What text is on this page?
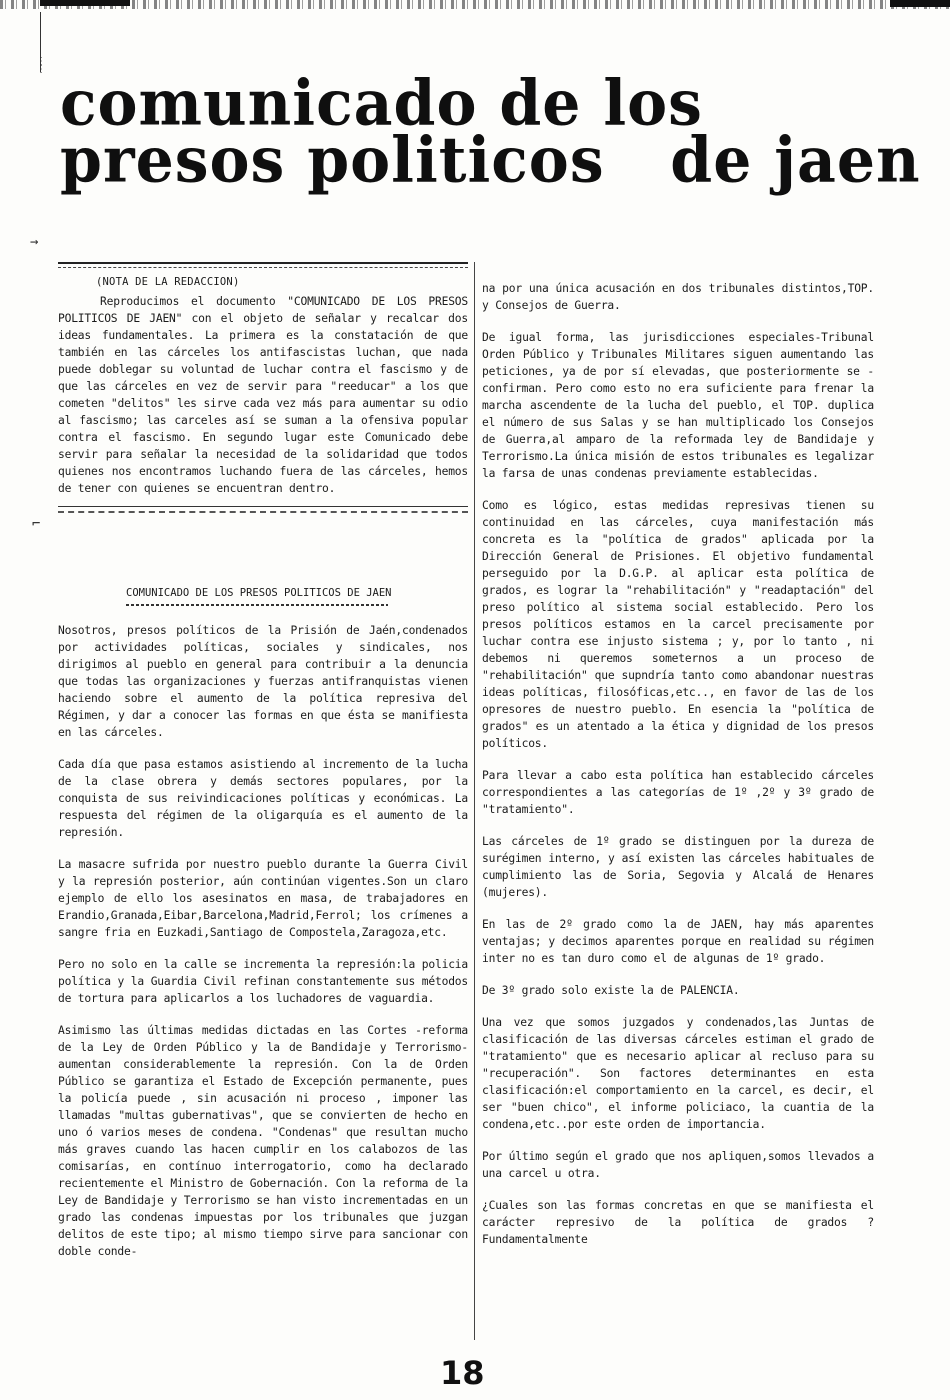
⋮
⋮ comunicado de los
presos politicos   de jaen
→
⌐
(NOTA DE LA REDACCION)

Reproducimos el documento "COMUNICADO DE LOS PRESOS POLITICOS DE JAEN" con el objeto de señalar y recalcar dos ideas fundamentales. La primera es la constatación de que también en las cárceles los antifascistas luchan, que nada puede doblegar su voluntad de luchar contra el fascismo y de que las cárceles en vez de servir para "reeducar" a los que cometen "delitos" les sirve cada vez más para aumentar su odio al fascismo; las carceles así se suman a la ofensiva popular contra el fascismo. En segundo lugar este Comunicado debe servir para señalar la necesidad de la solidaridad que todos quienes nos encontramos luchando fuera de las cárceles, hemos de tener con quienes se encuentran dentro.

COMUNICADO DE LOS PRESOS POLITICOS DE JAEN

Nosotros, presos políticos de la Prisión de Jaén,condenados por actividades políticas, sociales y sindicales, nos dirigimos al pueblo en general para contribuir a la denuncia que todas las organizaciones y fuerzas antifranquistas vienen haciendo sobre el aumento de la política represiva del Régimen, y dar a conocer las formas en que ésta se manifiesta en las cárceles.

Cada día que pasa estamos asistiendo al incremento de la lucha de la clase obrera y demás sectores populares, por la conquista de sus reivindicaciones políticas y económicas. La respuesta del régimen de la oligarquía es el aumento de la represión.

La masacre sufrida por nuestro pueblo durante la Guerra Civil y la represión posterior, aún continúan vigentes.Son un claro ejemplo de ello los asesinatos en masa, de trabajadores en Erandio,Granada,Eibar,Barcelona,Madrid,Ferrol; los crímenes a sangre fria en Euzkadi,Santiago de Compostela,Zaragoza,etc.

Pero no solo en la calle se incrementa la represión:la policia política y la Guardia Civil refinan constantemente sus métodos de tortura para aplicarlos a los luchadores de vaguardia.

Asimismo las últimas medidas dictadas en las Cortes -reforma de la Ley de Orden Público y la de Bandidaje y Terrorismo-aumentan considerablemente la represión. Con la de Orden Público se garantiza el Estado de Excepción permanente, pues la policía puede , sin acusación ni proceso , imponer las llamadas "multas gubernativas", que se convierten de hecho en uno ó varios meses de condena. "Condenas" que resultan mucho más graves cuando las hacen cumplir en los calabozos de las comisarías, en contínuo interrogatorio, como ha declarado recientemente el Ministro de Gobernación. Con la reforma de la Ley de Bandidaje y Terrorismo se han visto incrementadas en un grado las condenas impuestas por los tribunales que juzgan delitos de este tipo; al mismo tiempo sirve para sancionar con doble conde-

na por una única acusación en dos tribunales distintos,TOP. y Consejos de Guerra.

De igual forma, las jurisdicciones especiales-Tribunal Orden Público y Tribunales Militares siguen aumentando las peticiones, ya de por sí elevadas, que posteriormente se -confirman. Pero como esto no era suficiente para frenar la marcha ascendente de la lucha del pueblo, el TOP. duplica el número de sus Salas y se han multiplicado los Consejos de Guerra,al amparo de la reformada ley de Bandidaje y Terrorismo.La única misión de estos tribunales es legalizar la farsa de unas condenas previamente establecidas.

Como es lógico, estas medidas represivas tienen su continuidad en las cárceles, cuya manifestación más concreta es la "política de grados" aplicada por la Dirección General de Prisiones. El objetivo fundamental perseguido por la D.G.P. al aplicar esta política de grados, es lograr la "rehabilitación" y "readaptación" del preso político al sistema social establecido. Pero los presos políticos estamos en la carcel precisamente por luchar contra ese injusto sistema ; y, por lo tanto , ni debemos ni queremos someternos a un proceso de "rehabilitación" que supndría tanto como abandonar nuestras ideas políticas, filosóficas,etc.., en favor de las de los opresores de nuestro pueblo. En esencia la "política de grados" es un atentado a la ética y dignidad de los presos políticos.

Para llevar a cabo esta política han establecido cárceles correspondientes a las categorías de 1º ,2º y 3º grado de "tratamiento".

Las cárceles de 1º grado se distinguen por la dureza de surégimen interno, y así existen las cárceles habituales de cumplimiento las de Soria, Segovia y Alcalá de Henares (mujeres).

En las de 2º grado como la de JAEN, hay más aparentes ventajas; y decimos aparentes porque en realidad su régimen inter no es tan duro como el de algunas de 1º grado.

De 3º grado solo existe la de PALENCIA.

Una vez que somos juzgados y condenados,las Juntas de clasificación de las diversas cárceles estiman el grado de "tratamiento" que es necesario aplicar al recluso para su "recuperación". Son factores determinantes en esta clasificación:el comportamiento en la carcel, es decir, el ser "buen chico", el informe policiaco, la cuantia de la condena,etc..por este orden de importancia.

Por último según el grado que nos apliquen,somos llevados a una carcel u otra.

¿Cuales son las formas concretas en que se manifiesta el carácter represivo de la política de grados ? Fundamentalmente

18
